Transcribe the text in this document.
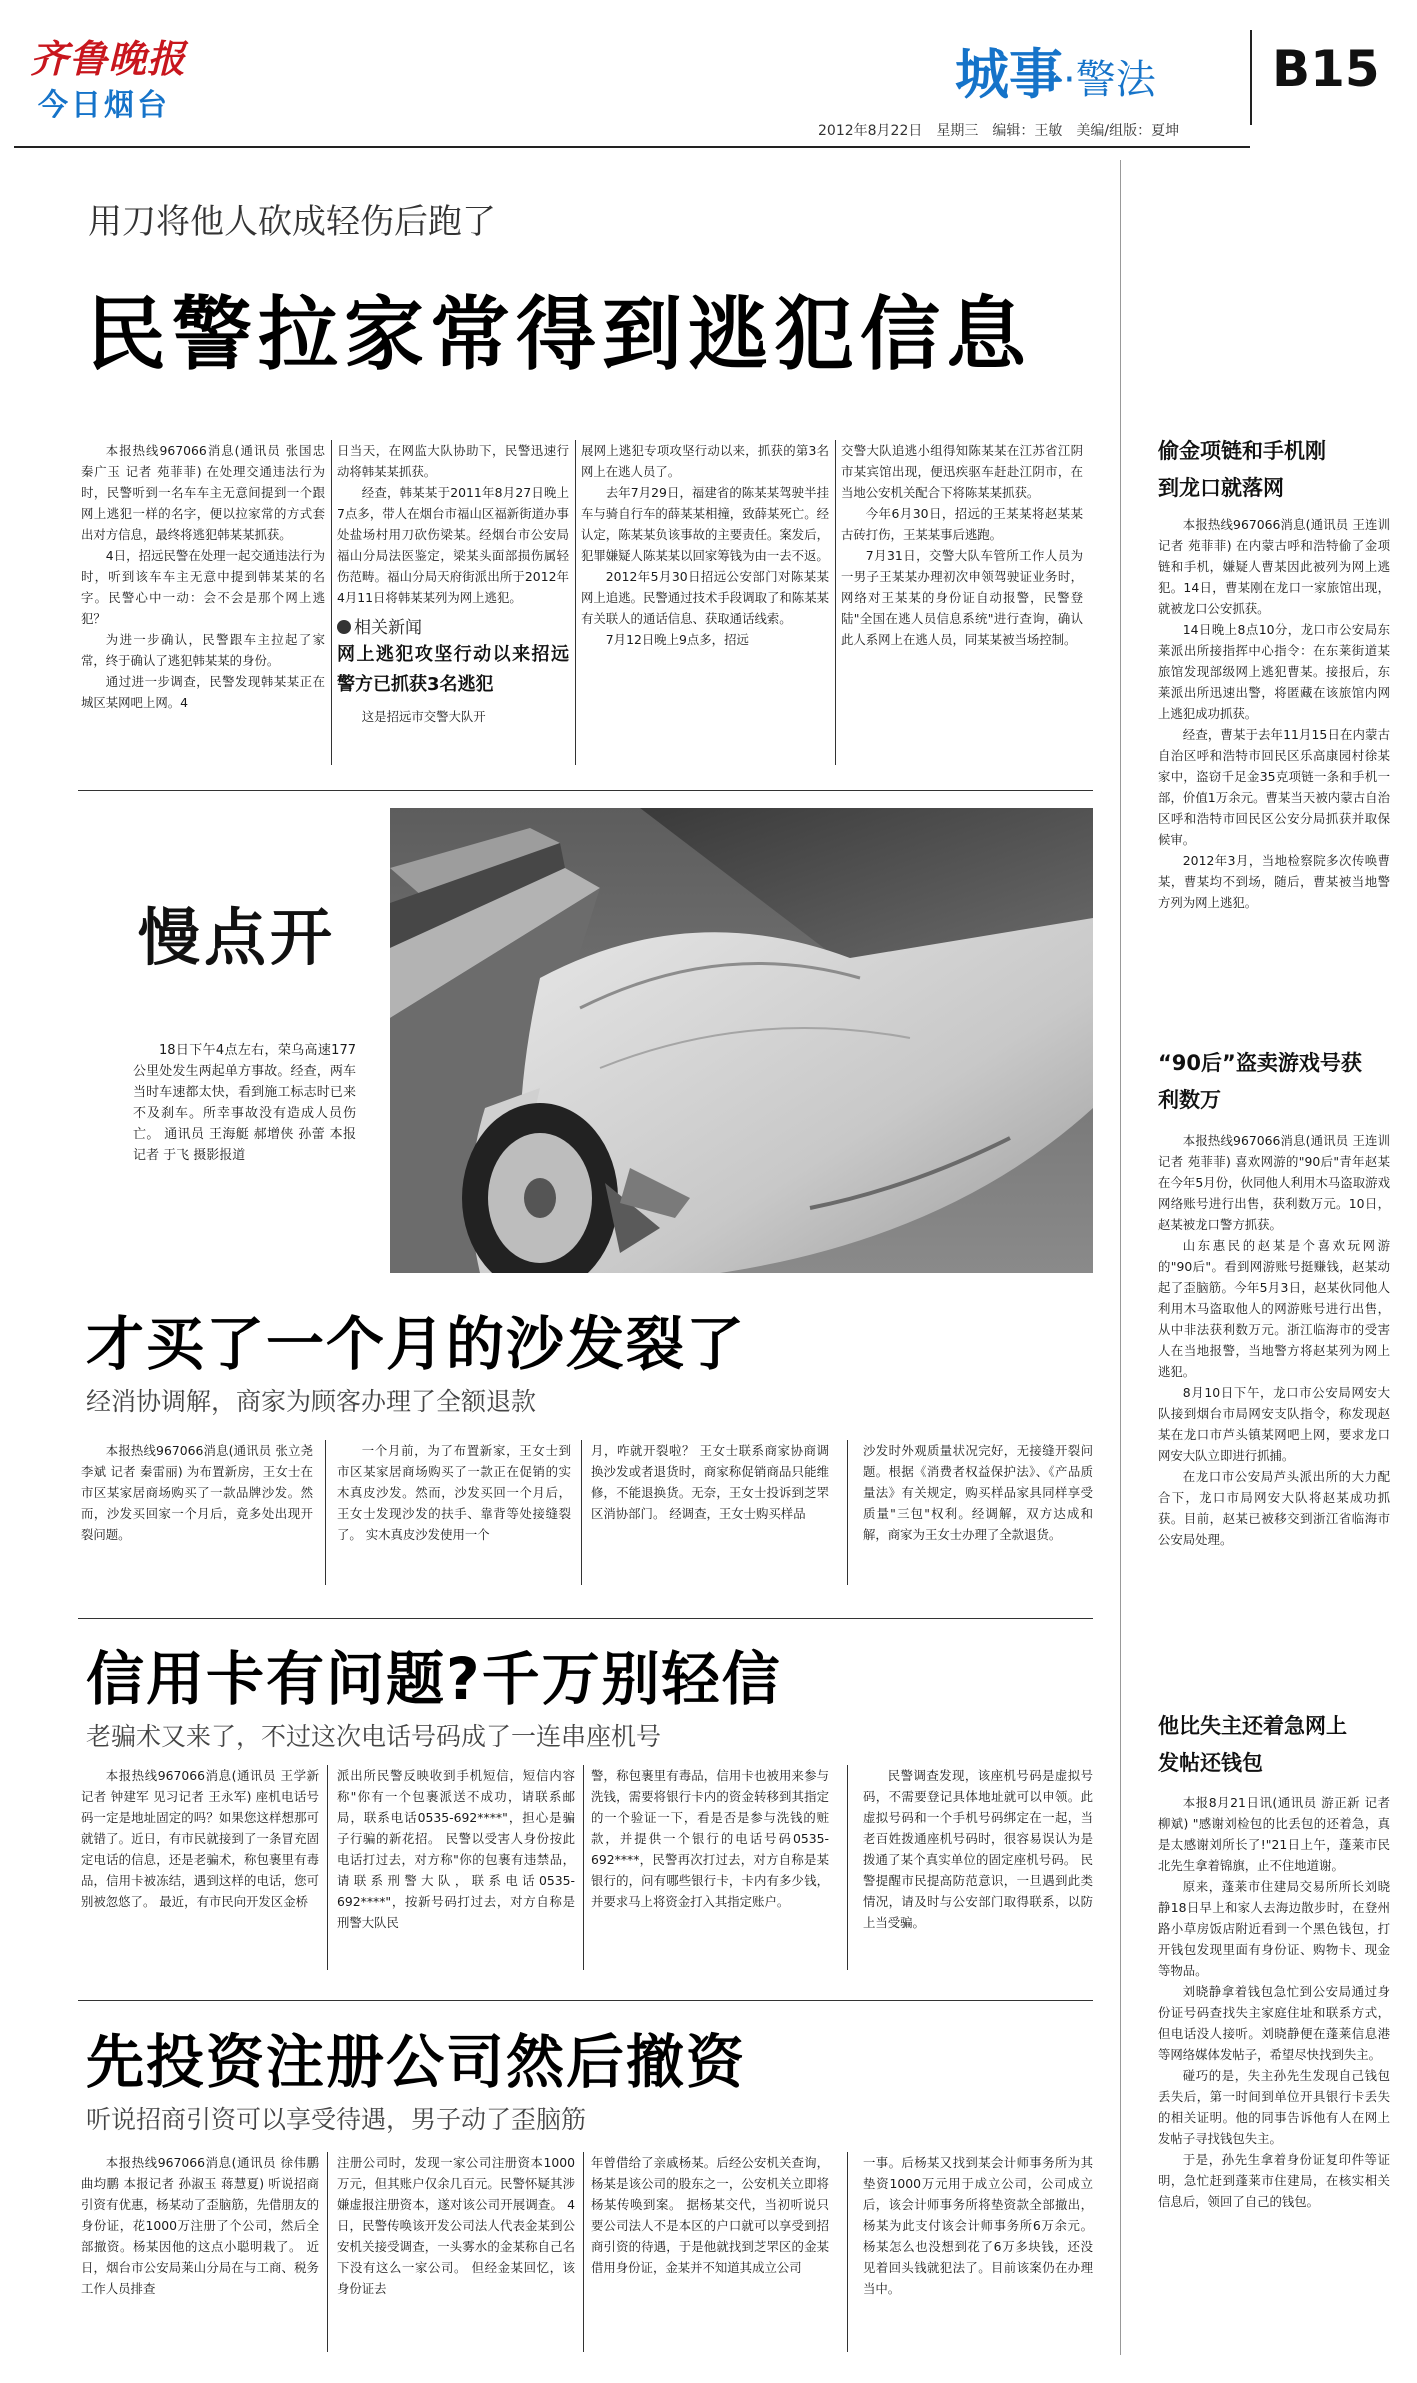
齐鲁晚报
今日烟台	城事·警法 B15
2012年8月22日　星期三　编辑：王敏　美编/组版：夏坤
用刀将他人砍成轻伤后跑了
民警拉家常得到逃犯信息

本报热线967066消息(通讯员 张国忠 秦广玉 记者 苑菲菲) 在处理交通违法行为时，民警听到一名车车主无意间提到一个跟网上逃犯一样的名字，便以拉家常的方式套出对方信息，最终将逃犯韩某某抓获。

4日，招远民警在处理一起交通违法行为时，听到该车车主无意中提到韩某某的名字。民警心中一动：会不会是那个网上逃犯？

为进一步确认，民警跟车主拉起了家常，终于确认了逃犯韩某某的身份。

通过进一步调查，民警发现韩某某正在城区某网吧上网。4

日当天，在网监大队协助下，民警迅速行动将韩某某抓获。

经查，韩某某于2011年8月27日晚上7点多，带人在烟台市福山区福新街道办事处盐场村用刀砍伤梁某。经烟台市公安局福山分局法医鉴定，梁某头面部损伤属轻伤范畴。福山分局天府街派出所于2012年4月11日将韩某某列为网上逃犯。

相关新闻
网上逃犯攻坚行动以来招远警方已抓获3名逃犯

这是招远市交警大队开

展网上逃犯专项攻坚行动以来，抓获的第3名网上在逃人员了。

去年7月29日，福建省的陈某某驾驶半挂车与骑自行车的薛某某相撞，致薛某死亡。经认定，陈某某负该事故的主要责任。案发后，犯罪嫌疑人陈某某以回家筹钱为由一去不返。

2012年5月30日招远公安部门对陈某某网上追逃。民警通过技术手段调取了和陈某某有关联人的通话信息、获取通话线索。

7月12日晚上9点多，招远

交警大队追逃小组得知陈某某在江苏省江阴市某宾馆出现，便迅疾驱车赶赴江阴市，在当地公安机关配合下将陈某某抓获。

今年6月30日，招远的王某某将赵某某古砖打伤，王某某事后逃跑。

7月31日，交警大队车管所工作人员为一男子王某某办理初次申领驾驶证业务时，网络对王某某的身份证自动报警，民警登陆"全国在逃人员信息系统"进行查询，确认此人系网上在逃人员，同某某被当场控制。

偷金项链和手机刚到龙口就落网

本报热线967066消息(通讯员 王连训 记者 苑菲菲) 在内蒙古呼和浩特偷了金项链和手机，嫌疑人曹某因此被列为网上逃犯。14日，曹某刚在龙口一家旅馆出现，就被龙口公安抓获。

14日晚上8点10分，龙口市公安局东莱派出所接指挥中心指令：在东莱街道某旅馆发现部级网上逃犯曹某。接报后，东莱派出所迅速出警，将匿藏在该旅馆内网上逃犯成功抓获。

经查，曹某于去年11月15日在内蒙古自治区呼和浩特市回民区乐高康园村徐某家中，盗窃千足金35克项链一条和手机一部，价值1万余元。曹某当天被内蒙古自治区呼和浩特市回民区公安分局抓获并取保候审。

2012年3月，当地检察院多次传唤曹某，曹某均不到场，随后，曹某被当地警方列为网上逃犯。

“90后”盗卖游戏号获利数万

本报热线967066消息(通讯员 王连训 记者 苑菲菲) 喜欢网游的"90后"青年赵某在今年5月份，伙同他人利用木马盗取游戏网络账号进行出售，获利数万元。10日，赵某被龙口警方抓获。

山东惠民的赵某是个喜欢玩网游的"90后"。看到网游账号挺赚钱，赵某动起了歪脑筋。今年5月3日，赵某伙同他人利用木马盗取他人的网游账号进行出售，从中非法获利数万元。浙江临海市的受害人在当地报警，当地警方将赵某列为网上逃犯。

8月10日下午，龙口市公安局网安大队接到烟台市局网安支队指令，称发现赵某在龙口市芦头镇某网吧上网，要求龙口网安大队立即进行抓捕。

在龙口市公安局芦头派出所的大力配合下，龙口市局网安大队将赵某成功抓获。目前，赵某已被移交到浙江省临海市公安局处理。

他比失主还着急网上发帖还钱包

本报8月21日讯(通讯员 游正新 记者 柳斌) "感谢刘检包的比丢包的还着急，真是太感谢刘所长了!"21日上午，蓬莱市民北先生拿着锦旗，止不住地道谢。

原来，蓬莱市住建局交易所所长刘晓静18日早上和家人去海边散步时，在登州路小草房饭店附近看到一个黑色钱包，打开钱包发现里面有身份证、购物卡、现金等物品。

刘晓静拿着钱包急忙到公安局通过身份证号码查找失主家庭住址和联系方式，但电话没人接听。刘晓静便在蓬莱信息港等网络媒体发帖子，希望尽快找到失主。

碰巧的是，失主孙先生发现自己钱包丢失后，第一时间到单位开具银行卡丢失的相关证明。他的同事告诉他有人在网上发帖子寻找钱包失主。

于是，孙先生拿着身份证复印件等证明，急忙赶到蓬莱市住建局，在核实相关信息后，领回了自己的钱包。

慢点开
18日下午4点左右，荣乌高速177公里处发生两起单方事故。经查，两车当时车速都太快，看到施工标志时已来不及刹车。所幸事故没有造成人员伤亡。 通讯员 王海艇 郝增侠 孙蕾 本报记者 于飞 摄影报道
才买了一个月的沙发裂了
经消协调解，商家为顾客办理了全额退款
本报热线967066消息(通讯员 张立尧 李斌 记者 秦雷丽) 为布置新房，王女士在市区某家居商场购买了一款品牌沙发。然而，沙发买回家一个月后，竟多处出现开裂问题。
一个月前，为了布置新家，王女士到市区某家居商场购买了一款正在促销的实木真皮沙发。然而，沙发买回一个月后，王女士发现沙发的扶手、靠背等处接缝裂了。 实木真皮沙发使用一个
月，咋就开裂啦？ 王女士联系商家协商调换沙发或者退货时，商家称促销商品只能维修，不能退换货。无奈，王女士投诉到芝罘区消协部门。 经调查，王女士购买样品
沙发时外观质量状况完好，无接缝开裂问题。根据《消费者权益保护法》、《产品质量法》有关规定，购买样品家具同样享受质量"三包"权利。经调解，双方达成和解，商家为王女士办理了全款退货。
信用卡有问题?千万别轻信
老骗术又来了，不过这次电话号码成了一连串座机号
本报热线967066消息(通讯员 王学新 记者 钟建军 见习记者 王永军) 座机电话号码一定是地址固定的吗？如果您这样想那可就错了。近日，有市民就接到了一条冒充固定电话的信息，还是老骗术，称包裹里有毒品，信用卡被冻结，遇到这样的电话，您可别被忽悠了。 最近，有市民向开发区金桥
派出所民警反映收到手机短信，短信内容称"你有一个包裹派送不成功，请联系邮局，联系电话0535-692****"，担心是骗子行骗的新花招。 民警以受害人身份按此电话打过去，对方称"你的包裹有违禁品，请联系刑警大队，联系电话0535-692****"，按新号码打过去，对方自称是刑警大队民
警，称包裹里有毒品，信用卡也被用来参与洗钱，需要将银行卡内的资金转移到其指定的一个验证一下，看是否是参与洗钱的赃款，并提供一个银行的电话号码0535-692****，民警再次打过去，对方自称是某银行的，问有哪些银行卡，卡内有多少钱，并要求马上将资金打入其指定账户。
民警调查发现，该座机号码是虚拟号码，不需要登记具体地址就可以申领。此虚拟号码和一个手机号码绑定在一起，当老百姓拨通座机号码时，很容易误认为是拨通了某个真实单位的固定座机号码。 民警提醒市民提高防范意识，一旦遇到此类情况，请及时与公安部门取得联系，以防上当受骗。
先投资注册公司然后撤资
听说招商引资可以享受待遇，男子动了歪脑筋
本报热线967066消息(通讯员 徐伟鹏 曲均鹏 本报记者 孙淑玉 蒋慧夏) 听说招商引资有优惠，杨某动了歪脑筋，先借朋友的身份证，花1000万注册了个公司，然后全部撤资。杨某因他的这点小聪明栽了。 近日，烟台市公安局莱山分局在与工商、税务工作人员排查
注册公司时，发现一家公司注册资本1000万元，但其账户仅余几百元。民警怀疑其涉嫌虚报注册资本，遂对该公司开展调查。 4日，民警传唤该开发公司法人代表金某到公安机关接受调查，一头雾水的金某称自己名下没有这么一家公司。 但经金某回忆，该身份证去
年曾借给了亲戚杨某。后经公安机关查询，杨某是该公司的股东之一，公安机关立即将杨某传唤到案。 据杨某交代，当初听说只要公司法人不是本区的户口就可以享受到招商引资的待遇，于是他就找到芝罘区的金某借用身份证，金某并不知道其成立公司
一事。后杨某又找到某会计师事务所为其垫资1000万元用于成立公司，公司成立后，该会计师事务所将垫资款全部撤出，杨某为此支付该会计师事务所6万余元。 杨某怎么也没想到花了6万多块钱，还没见着回头钱就犯法了。目前该案仍在办理当中。
